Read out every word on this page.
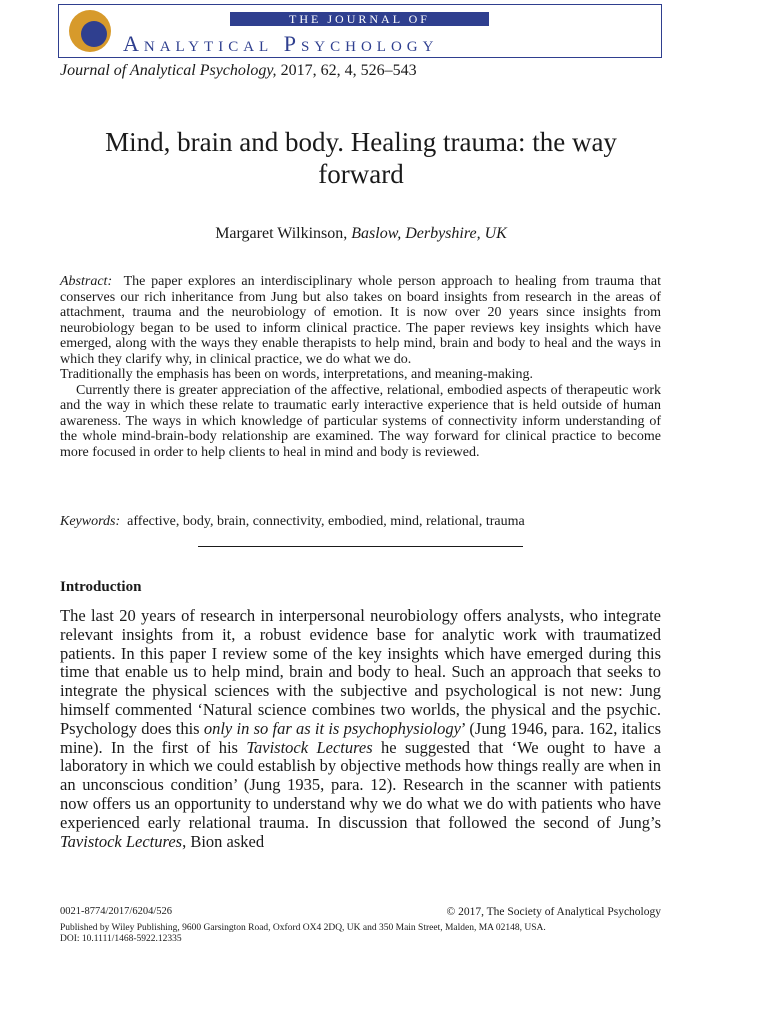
THE JOURNAL OF
Analytical Psychology
Journal of Analytical Psychology, 2017, 62, 4, 526–543
Mind, brain and body. Healing trauma: the way forward
Margaret Wilkinson, Baslow, Derbyshire, UK

Abstract: The paper explores an interdisciplinary whole person approach to healing from trauma that conserves our rich inheritance from Jung but also takes on board insights from research in the areas of attachment, trauma and the neurobiology of emotion. It is now over 20 years since insights from neurobiology began to be used to inform clinical practice. The paper reviews key insights which have emerged, along with the ways they enable therapists to help mind, brain and body to heal and the ways in which they clarify why, in clinical practice, we do what we do.

Traditionally the emphasis has been on words, interpretations, and meaning-making.

Currently there is greater appreciation of the affective, relational, embodied aspects of therapeutic work and the way in which these relate to traumatic early interactive experience that is held outside of human awareness. The ways in which knowledge of particular systems of connectivity inform understanding of the whole mind-brain-body relationship are examined. The way forward for clinical practice to become more focused in order to help clients to heal in mind and body is reviewed.

Keywords: affective, body, brain, connectivity, embodied, mind, relational, trauma
Introduction
The last 20 years of research in interpersonal neurobiology offers analysts, who integrate relevant insights from it, a robust evidence base for analytic work with traumatized patients. In this paper I review some of the key insights which have emerged during this time that enable us to help mind, brain and body to heal. Such an approach that seeks to integrate the physical sciences with the subjective and psychological is not new: Jung himself commented ‘Natural science combines two worlds, the physical and the psychic. Psychology does this only in so far as it is psychophysiology’ (Jung 1946, para. 162, italics mine). In the first of his Tavistock Lectures he suggested that ‘We ought to have a laboratory in which we could establish by objective methods how things really are when in an unconscious condition’ (Jung 1935, para. 12). Research in the scanner with patients now offers us an opportunity to understand why we do what we do with patients who have experienced early relational trauma. In discussion that followed the second of Jung’s Tavistock Lectures, Bion asked
0021-8774/2017/6204/526	© 2017, The Society of Analytical Psychology
Published by Wiley Publishing, 9600 Garsington Road, Oxford OX4 2DQ, UK and 350 Main Street, Malden, MA 02148, USA.
DOI: 10.1111/1468-5922.12335
